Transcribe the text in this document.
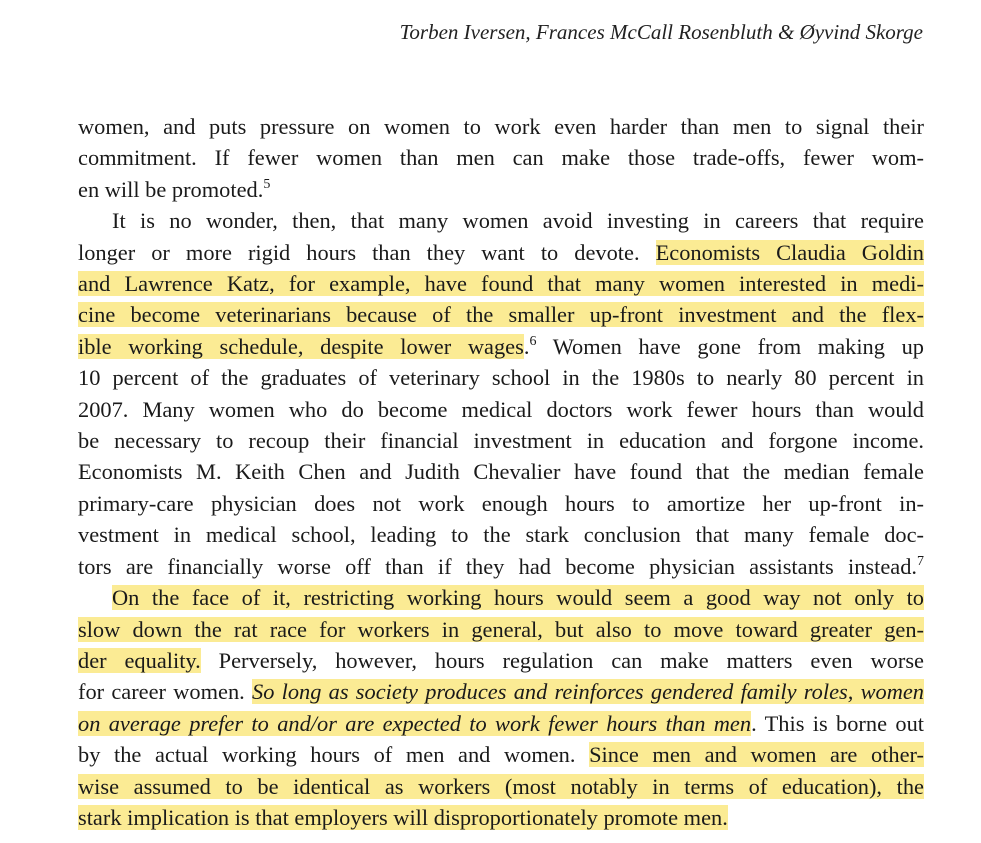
Torben Iversen, Frances McCall Rosenbluth & Øyvind Skorge
women, and puts pressure on women to work even harder than men to signal their
commitment. If fewer women than men can make those trade-offs, fewer wom-
en will be promoted.$^5$
It is no wonder, then, that many women avoid investing in careers that require
longer or more rigid hours than they want to devote. Economists Claudia Goldin
and Lawrence Katz, for example, have found that many women interested in medi-
cine become veterinarians because of the smaller up-front investment and the flex-
ible working schedule, despite lower wages.$^6$ Women have gone from making up
10 percent of the graduates of veterinary school in the 1980s to nearly 80 percent in
2007. Many women who do become medical doctors work fewer hours than would
be necessary to recoup their financial investment in education and forgone income.
Economists M. Keith Chen and Judith Chevalier have found that the median female
primary-care physician does not work enough hours to amortize her up-front in-
vestment in medical school, leading to the stark conclusion that many female doc-
tors are financially worse off than if they had become physician assistants instead.$^7$
On the face of it, restricting working hours would seem a good way not only to
slow down the rat race for workers in general, but also to move toward greater gen-
der equality. Perversely, however, hours regulation can make matters even worse
for career women. So long as society produces and reinforces gendered family roles, women
on average prefer to and/or are expected to work fewer hours than men. This is borne out
by the actual working hours of men and women. Since men and women are other-
wise assumed to be identical as workers (most notably in terms of education), the
stark implication is that employers will disproportionately promote men.
